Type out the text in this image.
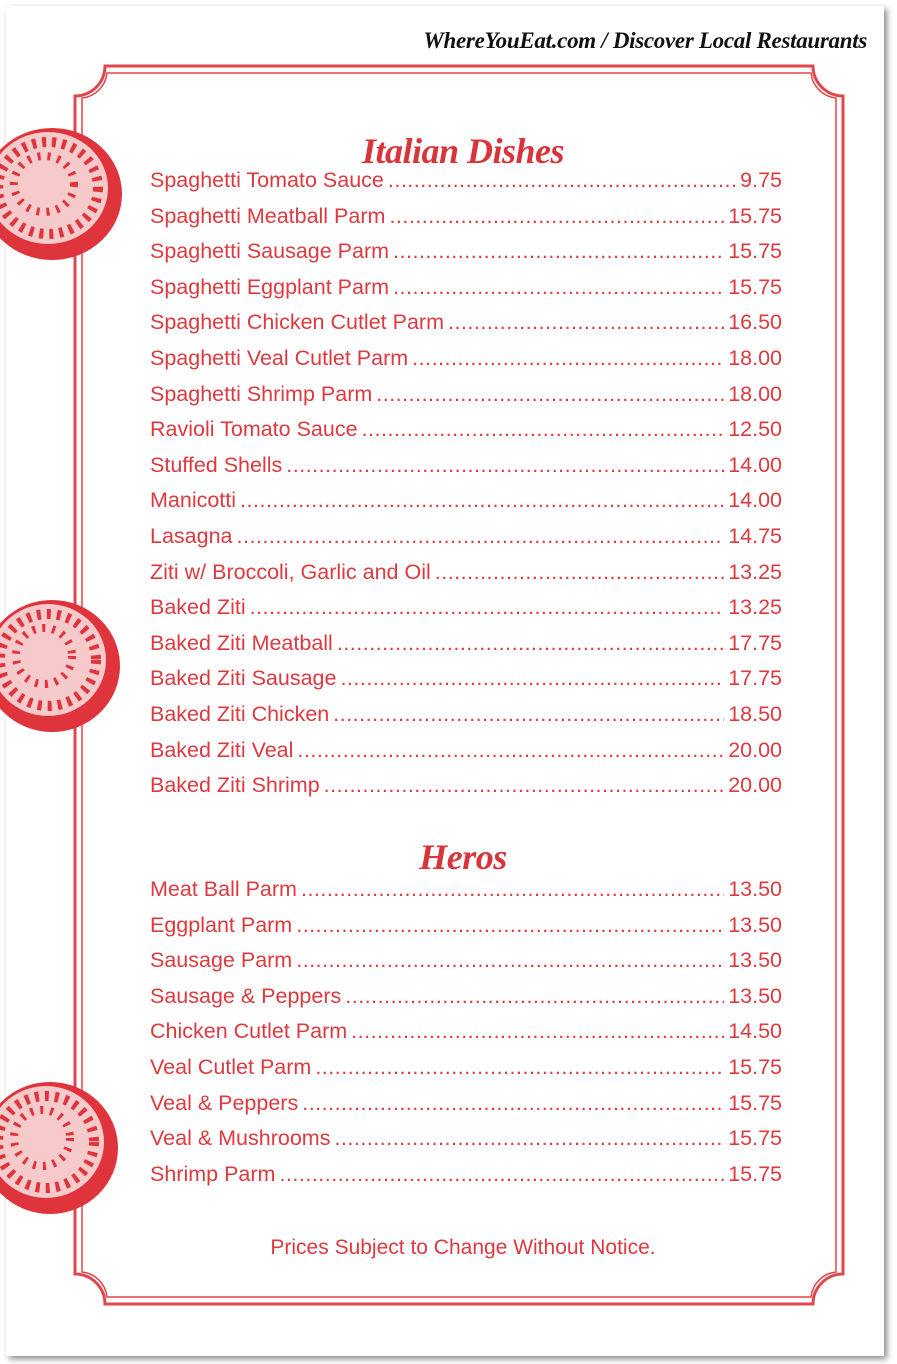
WhereYouEat.com / Discover Local Restaurants
Italian Dishes
Spaghetti Tomato Sauce .....	9.75
Spaghetti Meatball Parm .....	15.75
Spaghetti Sausage Parm .....	15.75
Spaghetti Eggplant Parm .....	15.75
Spaghetti Chicken Cutlet Parm .....	16.50
Spaghetti Veal Cutlet Parm .....	18.00
Spaghetti Shrimp Parm .....	18.00
Ravioli Tomato Sauce .....	12.50
Stuffed Shells .....	14.00
Manicotti .....	14.00
Lasagna .....	14.75
Ziti w/ Broccoli, Garlic and Oil .....	13.25
Baked Ziti .....	13.25
Baked Ziti Meatball .....	17.75
Baked Ziti Sausage .....	17.75
Baked Ziti Chicken .....	18.50
Baked Ziti Veal .....	20.00
Baked Ziti Shrimp .....	20.00
Heros
Meat Ball Parm .....	13.50
Eggplant Parm .....	13.50
Sausage Parm .....	13.50
Sausage & Peppers .....	13.50
Chicken Cutlet Parm .....	14.50
Veal Cutlet Parm .....	15.75
Veal & Peppers .....	15.75
Veal & Mushrooms .....	15.75
Shrimp Parm .....	15.75
Prices Subject to Change Without Notice.
